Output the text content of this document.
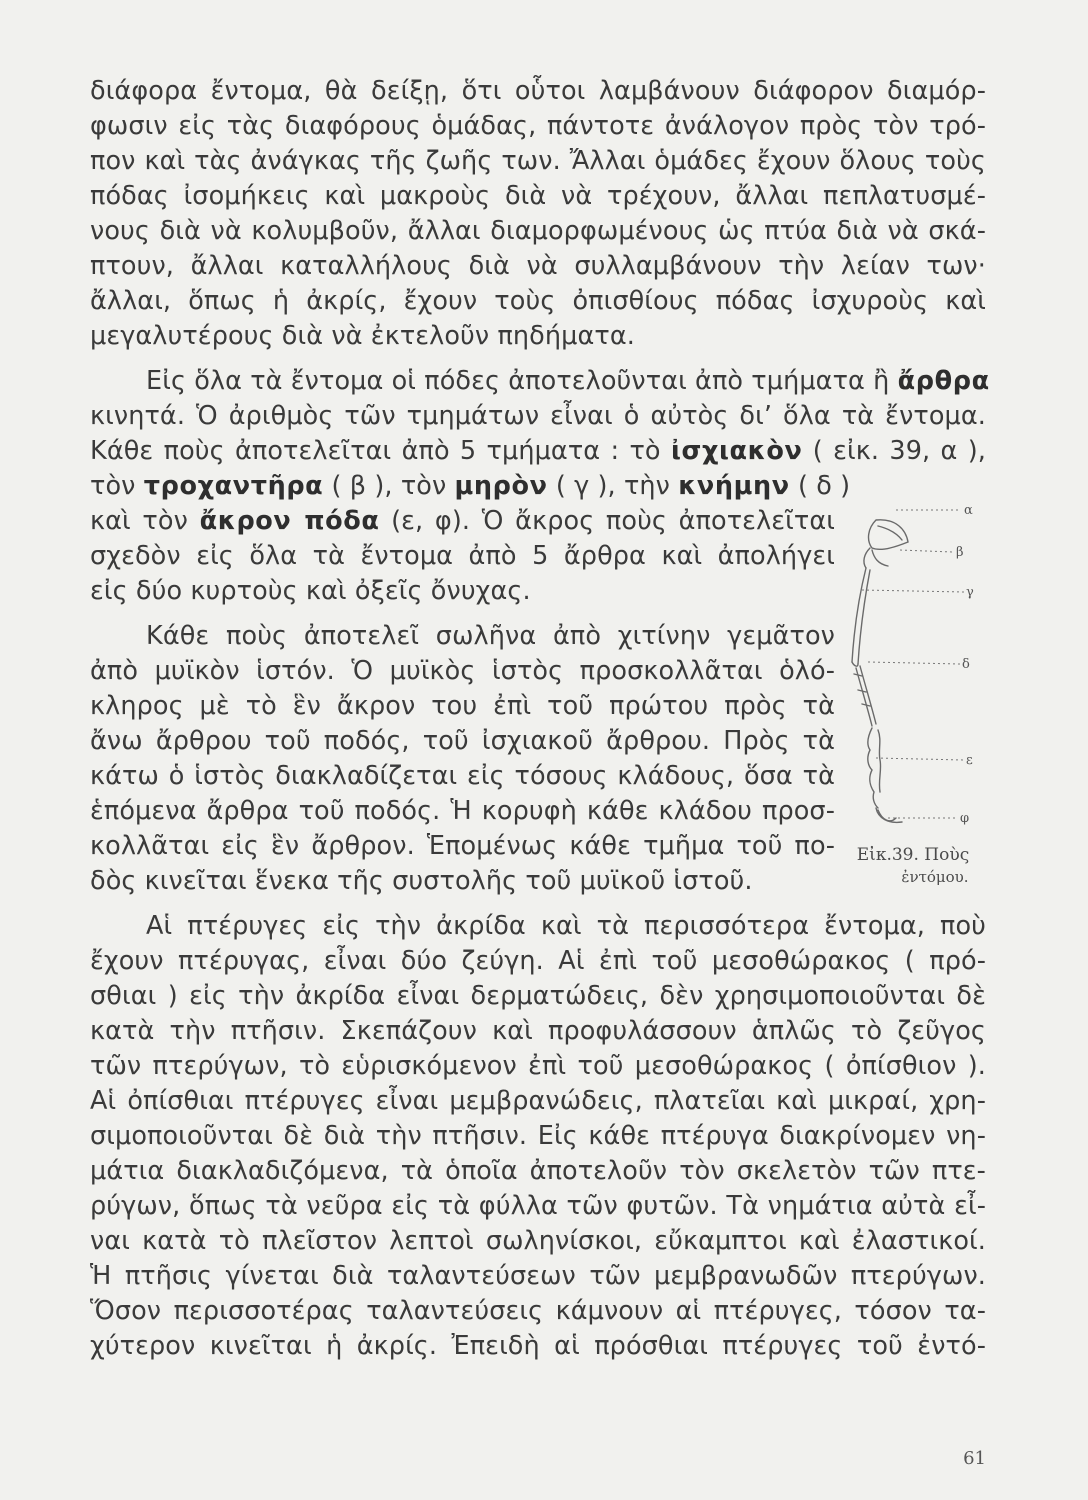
διάφορα ἔντομα, θὰ δείξῃ, ὅτι οὗτοι λαμβάνουν διάφορον διαμόρ-
φωσιν εἰς τὰς διαφόρους ὁμάδας, πάντοτε ἀνάλογον πρὸς τὸν τρό-
πον καὶ τὰς ἀνάγκας τῆς ζωῆς των. Ἄλλαι ὁμάδες ἔχουν ὅλους τοὺς
πόδας ἰσομήκεις καὶ μακροὺς διὰ νὰ τρέχουν, ἄλλαι πεπλατυσμέ-
νους διὰ νὰ κολυμβοῦν, ἄλλαι διαμορφωμένους ὡς πτύα διὰ νὰ σκά-
πτουν, ἄλλαι καταλλήλους διὰ νὰ συλλαμβάνουν τὴν λείαν των·
ἄλλαι, ὅπως ἡ ἀκρίς, ἔχουν τοὺς ὀπισθίους πόδας ἰσχυροὺς καὶ
μεγαλυτέρους διὰ νὰ ἐκτελοῦν πηδήματα.
Εἰς ὅλα τὰ ἔντομα οἱ πόδες ἀποτελοῦνται ἀπὸ τμήματα ἢ ἄρθρα
κινητά. Ὁ ἀριθμὸς τῶν τμημάτων εἶναι ὁ αὐτὸς δι’ ὅλα τὰ ἔντομα.
Κάθε ποὺς ἀποτελεῖται ἀπὸ 5 τμήματα : τὸ ἰσχιακὸν ( εἰκ. 39, α ),
τὸν τροχαντῆρα ( β ), τὸν μηρὸν ( γ ), τὴν κνήμην ( δ )
καὶ τὸν ἄκρον πόδα (ε, φ). Ὁ ἄκρος ποὺς ἀποτελεῖται
σχεδὸν εἰς ὅλα τὰ ἔντομα ἀπὸ 5 ἄρθρα καὶ ἀπολήγει
εἰς δύο κυρτοὺς καὶ ὀξεῖς ὄνυχας.
Κάθε ποὺς ἀποτελεῖ σωλῆνα ἀπὸ χιτίνην γεμᾶτον
ἀπὸ μυϊκὸν ἱστόν. Ὁ μυϊκὸς ἱστὸς προσκολλᾶται ὁλό-
κληρος μὲ τὸ ἓν ἄκρον του ἐπὶ τοῦ πρώτου πρὸς τὰ
ἄνω ἄρθρου τοῦ ποδός, τοῦ ἰσχιακοῦ ἄρθρου. Πρὸς τὰ
κάτω ὁ ἱστὸς διακλαδίζεται εἰς τόσους κλάδους, ὅσα τὰ
ἑπόμενα ἄρθρα τοῦ ποδός. Ἡ κορυφὴ κάθε κλάδου προσ-
κολλᾶται εἰς ἓν ἄρθρον. Ἑπομένως κάθε τμῆμα τοῦ πο-
δὸς κινεῖται ἕνεκα τῆς συστολῆς τοῦ μυϊκοῦ ἱστοῦ.
Αἱ πτέρυγες εἰς τὴν ἀκρίδα καὶ τὰ περισσότερα ἔντομα, ποὺ
ἔχουν πτέρυγας, εἶναι δύο ζεύγη. Αἱ ἐπὶ τοῦ μεσοθώρακος ( πρό-
σθιαι ) εἰς τὴν ἀκρίδα εἶναι δερματώδεις, δὲν χρησιμοποιοῦνται δὲ
κατὰ τὴν πτῆσιν. Σκεπάζουν καὶ προφυλάσσουν ἁπλῶς τὸ ζεῦγος
τῶν πτερύγων, τὸ εὑρισκόμενον ἐπὶ τοῦ μεσοθώρακος ( ὀπίσθιον ).
Αἱ ὀπίσθιαι πτέρυγες εἶναι μεμβρανώδεις, πλατεῖαι καὶ μικραί, χρη-
σιμοποιοῦνται δὲ διὰ τὴν πτῆσιν. Εἰς κάθε πτέρυγα διακρίνομεν νη-
μάτια διακλαδιζόμενα, τὰ ὁποῖα ἀποτελοῦν τὸν σκελετὸν τῶν πτε-
ρύγων, ὅπως τὰ νεῦρα εἰς τὰ φύλλα τῶν φυτῶν. Τὰ νημάτια αὐτὰ εἶ-
ναι κατὰ τὸ πλεῖστον λεπτοὶ σωληνίσκοι, εὔκαμπτοι καὶ ἐλαστικοί.
Ἡ πτῆσις γίνεται διὰ ταλαντεύσεων τῶν μεμβρανωδῶν πτερύγων.
Ὅσον περισσοτέρας ταλαντεύσεις κάμνουν αἱ πτέρυγες, τόσον τα-
χύτερον κινεῖται ἡ ἀκρίς. Ἐπειδὴ αἱ πρόσθιαι πτέρυγες τοῦ ἐντό-
α
β
γ
δ
ε
φ
Εἰκ.39. Ποὺς
ἐντόμου.
61
